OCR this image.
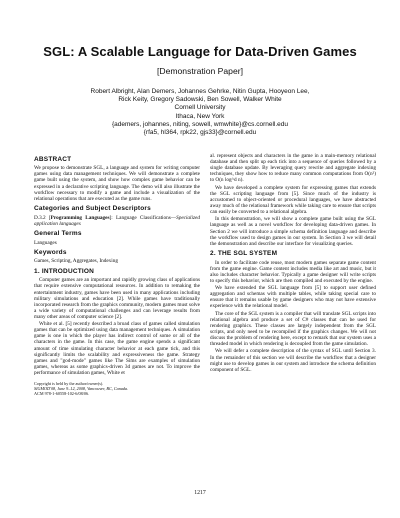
SGL: A Scalable Language for Data-Driven Games
[Demonstration Paper]
Robert Albright, Alan Demers, Johannes Gehrke, Nitin Gupta, Hooyeon Lee,
Rick Keity, Gregory Sadowski, Ben Sowell, Walker White
Cornell University
Ithaca, New York
{ademers, johannes, niting, sowell, wmwhite}@cs.cornell.edu
{rfa5, hl364, rpk22, gjs33}@cornell.edu
ABSTRACT

We propose to demonstrate SGL, a language and system for writing computer games using data management techniques. We will demonstrate a complete game built using the system, and show how complex game behavior can be expressed in a declarative scripting language. The demo will also illustrate the workflow necessary to modify a game and include a visualization of the relational operations that are executed as the game runs.

Categories and Subject Descriptors

D.3.2 [Programming Languages]: Language Classifications—Specialized application languages

General Terms

Languages

Keywords

Games, Scripting, Aggregates, Indexing

1. INTRODUCTION

Computer games are an important and rapidly growing class of applications that require extensive computational resources. In addition to remaking the entertainment industry, games have been used in many applications including military simulations and education [2]. While games have traditionally incorporated research from the graphics community, modern games must solve a wide variety of computational challenges and can leverage results from many other areas of computer science [2].

White et al. [5] recently described a broad class of games called simulation games that can be optimized using data management techniques. A simulation game is one in which the player has indirect control of some or all of the characters in the game. In this case, the game engine spends a significant amount of time simulating character behavior at each game tick, and this significantly limits the scalability and expressiveness the game. Strategy games and "god-mode" games like The Sims are examples of simulation games, whereas as some graphics-driven 3d games are not. To improve the performance of simulation games, White et

Copyright is held by the author/owner(s).
SIGMOD'08, June 9–12, 2008, Vancouver, BC, Canada.
ACM 978-1-60558-102-6/08/06.

al. represent objects and characters in the game in a main-memory relational database and then split up each tick into a sequence of queries followed by a single database update. By leveraging query rewrite and aggregate indexing techniques, they show how to reduce many common computations from O(n²) to O(n log^d n).

We have developed a complete system for expressing games that extends the SGL scripting language from [5]. Since much of the industry is accustomed to object-oriented or procedural languages, we have abstracted away much of the relational framework while taking care to ensure that scripts can easily be converted to a relational algebra.

In this demonstration, we will show a complete game built using the SGL language as well as a novel workflow for developing data-driven games. In Section 2 we will introduce a simple schema definition language and describe the workflow used to design games in our system. In Section 3 we will detail the demonstration and describe our interface for visualizing queries.

2. THE SGL SYSTEM

In order to facilitate code reuse, most modern games separate game content from the game engine. Game content includes media like art and music, but it also includes character behavior. Typically a game designer will write scripts to specify this behavior, which are then compiled and executed by the engine.

We have extended the SGL language from [5] to support user defined aggregation and schemas with multiple tables, while taking special care to ensure that it remains usable by game designers who may not have extensive experience with the relational model.

The core of the SGL system is a compiler that will translate SGL scripts into relational algebra and produce a set of C# classes that can be used for rendering graphics. These classes are largely independent from the SGL scripts, and only need to be recompiled if the graphics changes. We will not discuss the problem of rendering here, except to remark that our system uses a threaded model in which rendering is decoupled from the game simulation.

We will defer a complete description of the syntax of SGL until Section 3. In the remainder of this section we will describe the workflow that a designer might use to develop games in our system and introduce the schema definition component of SGL.

1217
